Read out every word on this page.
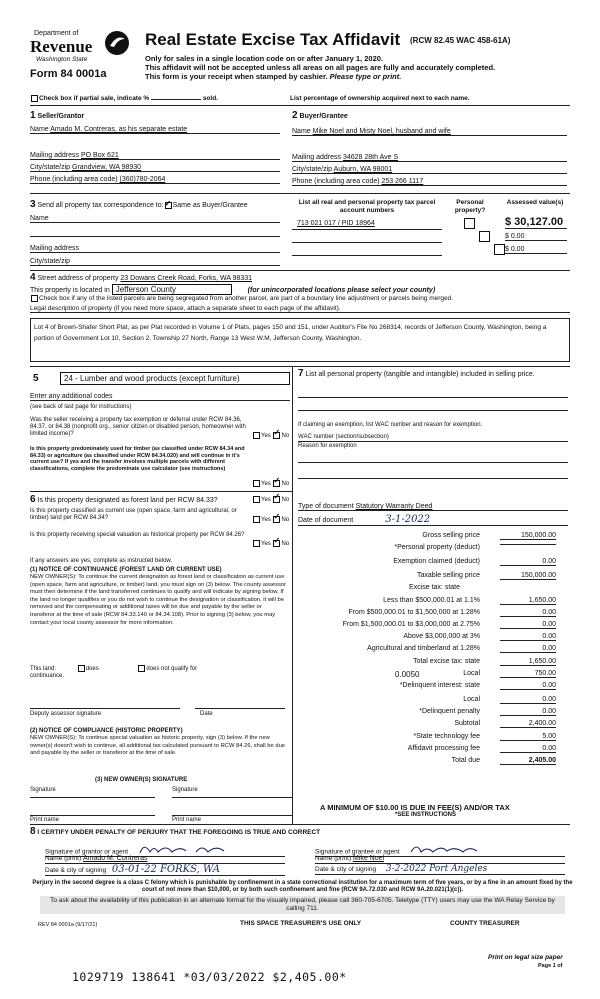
Department of
Revenue
Washington State
Form 84 0001a
Real Estate Excise Tax Affidavit (RCW 82.45 WAC 458-61A)
Only for sales in a single location code on or after January 1, 2020.
This affidavit will not be accepted unless all areas on all pages are fully and accurately completed.
This form is your receipt when stamped by cashier. Please type or print.
Check box if partial sale, indicate %	sold.	List percentage of ownership acquired next to each name.
1 Seller/Grantor
Name Amado M. Contreras, as his separate estate
Mailing address PO Box 621
City/state/zip Grandview, WA 98930
Phone (including area code) (360)780-2064
2 Buyer/Grantee
Name Mike Noel and Misty Noel, husband and wife
Mailing address 34628 28th Ave S
City/state/zip Auburn, WA 98001
Phone (including area code) 253 266 1117
3 Send all property tax correspondence to: ✓ Same as Buyer/Grantee
Name
Mailing address
City/state/zip
List all real and personal property tax parcel account numbers
Personal property?
Assessed value(s)
713 021 017 / PID 18964
	$ 30,127.00
$ 0.00
$ 0.00
4 Street address of property 23 Dowans Creek Road, Forks, WA 98331
This property is located in Jefferson County	(for unincorporated locations please select your county)
Check box if any of the listed parcels are being segregated from another parcel, are part of a boundary line adjustment or parcels being merged.
Legal description of property (if you need more space, attach a separate sheet to each page of the affidavit).
Lot 4 of Brown-Shafer Short Plat, as per Plat recorded in Volume 1 of Plats, pages 150 and 151, under Auditor's File No 268314, records of Jefferson County, Washington, being a portion of Government Lot 10, Section 2, Township 27 North, Range 13 West W.M, Jefferson County, Washington.
5	24 - Lumber and wood products (except furniture)
Enter any additional codes
(see back of last page for instructions)
Was the seller receiving a property tax exemption or deferral under RCW 84.36, 84.37, or 84.38 (nonprofit org., senior citizen or disabled person, homeowner with limited income)?	Yes ✓ No
Is this property predominately used for timber (as classified under RCW 84.34 and 84.33) or agriculture (as classified under RCW 84.34.020) and will continue in it's current use? If yes and the transfer involves multiple parcels with different classifications, complete the predominate use calculator (see instructions)
Yes ✓ No
6 Is this property designated as forest land per RCW 84.33?	Yes ✓ No
Is this property classified as current use (open space, farm and agricultural, or timber) land per RCW 84.34?	Yes ✓ No
Is this property receiving special valuation as historical property per RCW 84.26?
Yes ✓ No
If any answers are yes, complete as instructed below.
(1) NOTICE OF CONTINUANCE (FOREST LAND OR CURRENT USE)
NEW OWNER(S): To continue the current designation as forest land or classification as current use (open space, farm and agriculture, or timber) land, you must sign on (3) below. The county assessor must then determine if the land transferred continues to qualify and will indicate by signing below. If the land no longer qualifies or you do not wish to continue the designation or classification, it will be removed and the compensating or additional taxes will be due and payable by the seller or transferor at the time of sale (RCW 84.33.140 or 84.34.108). Prior to signing (3) below, you may contact your local county assessor for more information.
This land:	does	does not qualify for
continuance.
Deputy assessor signature	Date
(2) NOTICE OF COMPLIANCE (HISTORIC PROPERTY)
NEW OWNER(S): To continue special valuation as historic property, sign (3) below. If the new owner(s) doesn't wish to continue, all additional tax calculated pursuant to RCW 84.26, shall be due and payable by the seller or transferor at the time of sale.
(3) NEW OWNER(S) SIGNATURE
Signature	Signature
Print name	Print name
7 List all personal property (tangible and intangible) included in selling price.
If claiming an exemption, list WAC number and reason for exemption.
WAC number (section/subsection)
Reason for exemption
Type of document Statutory Warranty Deed
Date of document	3-1-2022
Gross selling price	150,000.00
*Personal property (deduct)
Exemption claimed (deduct)	0.00
Taxable selling price	150,000.00
Excise tax: state
Less than $500,000.01 at 1.1%	1,650.00
From $500,000.01 to $1,500,000 at 1.28%	0.00
From $1,500,000.01 to $3,000,000 at 2.75%	0.00
Above $3,000,000 at 3%	0.00
Agricultural and timberland at 1.28%	0.00
Total excise tax: state	1,650.00
Local	750.00
0.0050
*Delinquent interest: state	0.00
Local	0.00
*Delinquent penalty	0.00
Subtotal	2,400.00
*State technology fee	5.00
Affidavit processing fee	0.00
Total due	2,405.00
A MINIMUM OF $10.00 IS DUE IN FEE(S) AND/OR TAX
*SEE INSTRUCTIONS
8 I CERTIFY UNDER PENALTY OF PERJURY THAT THE FOREGOING IS TRUE AND CORRECT
Signature of grantor or agent
Name (print) Amado M. Contreras
Date & city of signing 03-01-22 FORKS, WA
Signature of grantee or agent
Name (print) Mike Noel
Date & city of signing 3-2-2022 Port Angeles
Perjury in the second degree is a class C felony which is punishable by confinement in a state correctional institution for a maximum term of five years, or by a fine in an amount fixed by the court of not more than $10,000, or by both such confinement and fine (RCW 9A.72.030 and RCW 9A.20.021(1)(c)).
To ask about the availability of this publication in an alternate format for the visually impaired, please call 360-705-6705. Teletype (TTY) users may use the WA Relay Service by calling 711.
REV 84 0001a (9/17/21)	THIS SPACE TREASURER'S USE ONLY	COUNTY TREASURER
Print on legal size paper
Page 1 of
1029719 138641 *03/03/2022 $2,405.00*
